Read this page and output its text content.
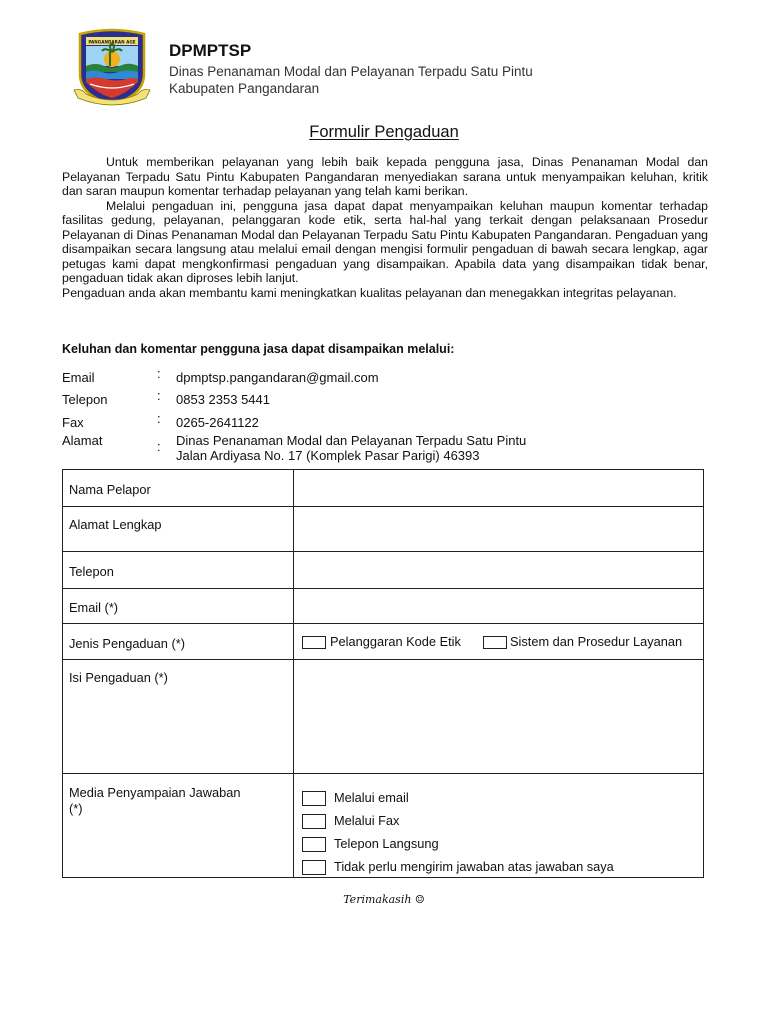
PANGANDARAN AGE DPMPTSP
Dinas Penanaman Modal dan Pelayanan Terpadu Satu Pintu
Kabupaten Pangandaran
Formulir Pengaduan

Untuk memberikan pelayanan yang lebih baik kepada pengguna jasa, Dinas Penanaman Modal dan Pelayanan Terpadu Satu Pintu Kabupaten Pangandaran menyediakan sarana untuk menyampaikan keluhan, kritik dan saran maupun komentar terhadap pelayanan yang telah kami berikan.

Melalui pengaduan ini, pengguna jasa dapat dapat menyampaikan keluhan maupun komentar terhadap fasilitas gedung, pelayanan, pelanggaran kode etik, serta hal-hal yang terkait dengan pelaksanaan Prosedur Pelayanan di Dinas Penanaman Modal dan Pelayanan Terpadu Satu Pintu Kabupaten Pangandaran. Pengaduan yang disampaikan secara langsung atau melalui email dengan mengisi formulir pengaduan di bawah secara lengkap, agar petugas kami dapat mengkonfirmasi pengaduan yang disampaikan. Apabila data yang disampaikan tidak benar, pengaduan tidak akan diproses lebih lanjut.

Pengaduan anda akan membantu kami meningkatkan kualitas pelayanan dan menegakkan integritas pelayanan.

Keluhan dan komentar pengguna jasa dapat disampaikan melalui:
Email	: dpmptsp.pangandaran@gmail.com
Telepon	: 0853 2353 5441
Fax	: 0265-2641122
Alamat	: Dinas Penanaman Modal dan Pelayanan Terpadu Satu Pintu
Jalan Ardiyasa No. 17 (Komplek Pasar Parigi) 46393
Nama Pelapor	

Alamat Lengkap	

Telepon	

Email (*)	

Jenis Pengaduan (*)	Pelanggaran Kode Etik Sistem dan Prosedur Layanan

Isi Pengaduan (*)	

Media Penyampaian Jawaban
(*)	Melalui email
Melalui Fax
Telepon Langsung
Tidak perlu mengirim jawaban atas jawaban saya
Terimakasih ☺
